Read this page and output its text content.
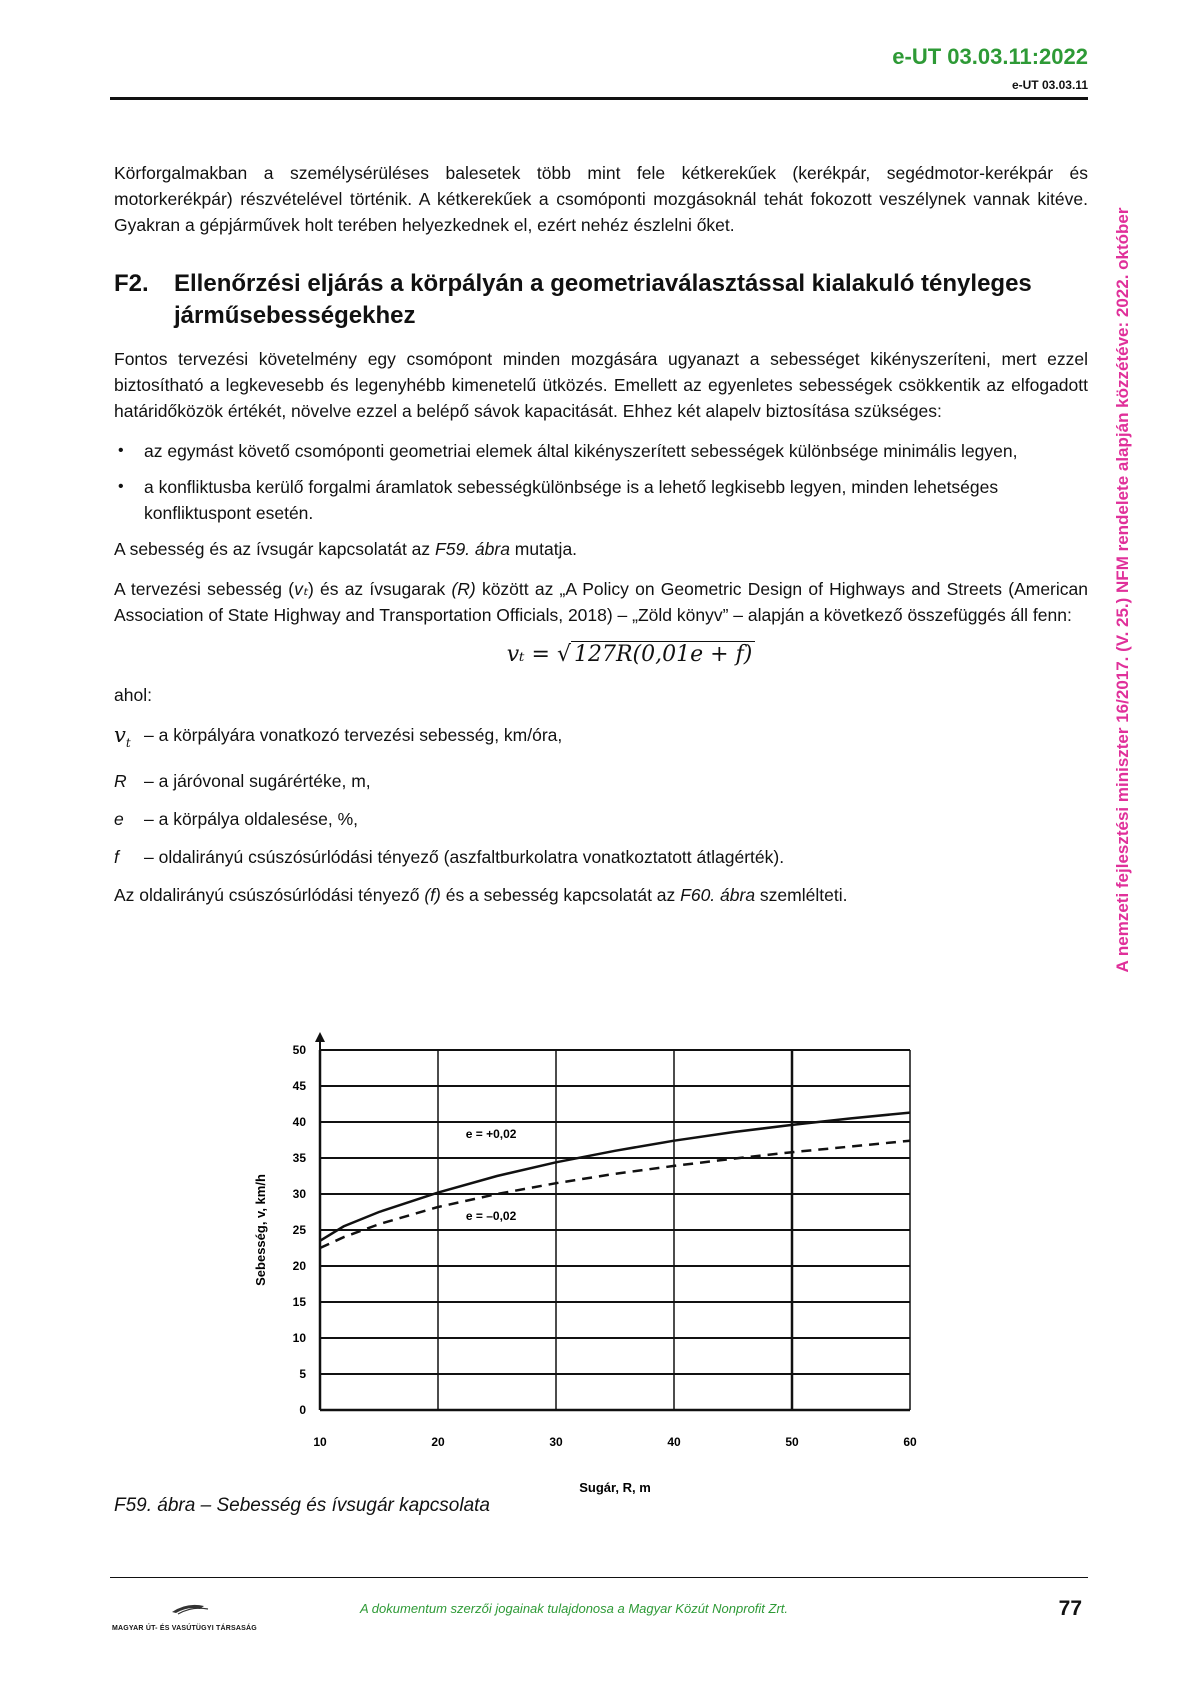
e-UT 03.03.11:2022
e-UT 03.03.11
A nemzeti fejlesztési miniszter 16/2017. (V. 25.) NFM rendelete alapján közzétéve: 2022. október

Körforgalmakban a személysérüléses balesetek több mint fele kétkerekűek (kerékpár, segédmotor-kerékpár és motorkerékpár) részvételével történik. A kétkerekűek a csomóponti mozgásoknál tehát fokozott veszélynek vannak kitéve. Gyakran a gépjárművek holt terében helyezkednek el, ezért nehéz észlelni őket.

F2. Ellenőrzési eljárás a körpályán a geometriaválasztással kialakuló tényleges járműsebességekhez

Fontos tervezési követelmény egy csomópont minden mozgására ugyanazt a sebességet kikényszeríteni, mert ezzel biztosítható a legkevesebb és legenyhébb kimenetelű ütközés. Emellett az egyenletes sebességek csökkentik az elfogadott határidőközök értékét, növelve ezzel a belépő sávok kapacitását. Ehhez két alapelv biztosítása szükséges:

• az egymást követő csomóponti geometriai elemek által kikényszerített sebességek különbsége minimális legyen,
• a konfliktusba kerülő forgalmi áramlatok sebességkülönbsége is a lehető legkisebb legyen, minden lehetséges konfliktuspont esetén.

A sebesség és az ívsugár kapcsolatát az F59. ábra mutatja.

A tervezési sebesség (vₜ) és az ívsugarak (R) között az „A Policy on Geometric Design of Highways and Streets (American Association of State Highway and Transportation Officials, 2018) – „Zöld könyv” – alapján a következő összefüggés áll fenn:

vₜ = √ 127R(0,01e + f)

ahol:

$v_t$ – a körpályára vonatkozó tervezési sebesség, km/óra,
R – a járóvonal sugárértéke, m,
e	– a körpálya oldalesése, %,
f	– oldalirányú csúszósúrlódási tényező (aszfaltburkolatra vonatkoztatott átlagérték).

Az oldalirányú csúszósúrlódási tényező (f) és a sebesség kapcsolatát az F60. ábra szemlélteti.

0
5
10
15
20
25
30
35
40
45
50
10	20	30	40	50	60
e = +0,02
e = –0,02
Sugár, R, m
Sebesség, v, km/h
F59. ábra – Sebesség és ívsugár kapcsolata
MAGYAR ÚT- ÉS VASÚTÜGYI TÁRSASÁG
A dokumentum szerzői jogainak tulajdonosa a Magyar Közút Nonprofit Zrt.	77
